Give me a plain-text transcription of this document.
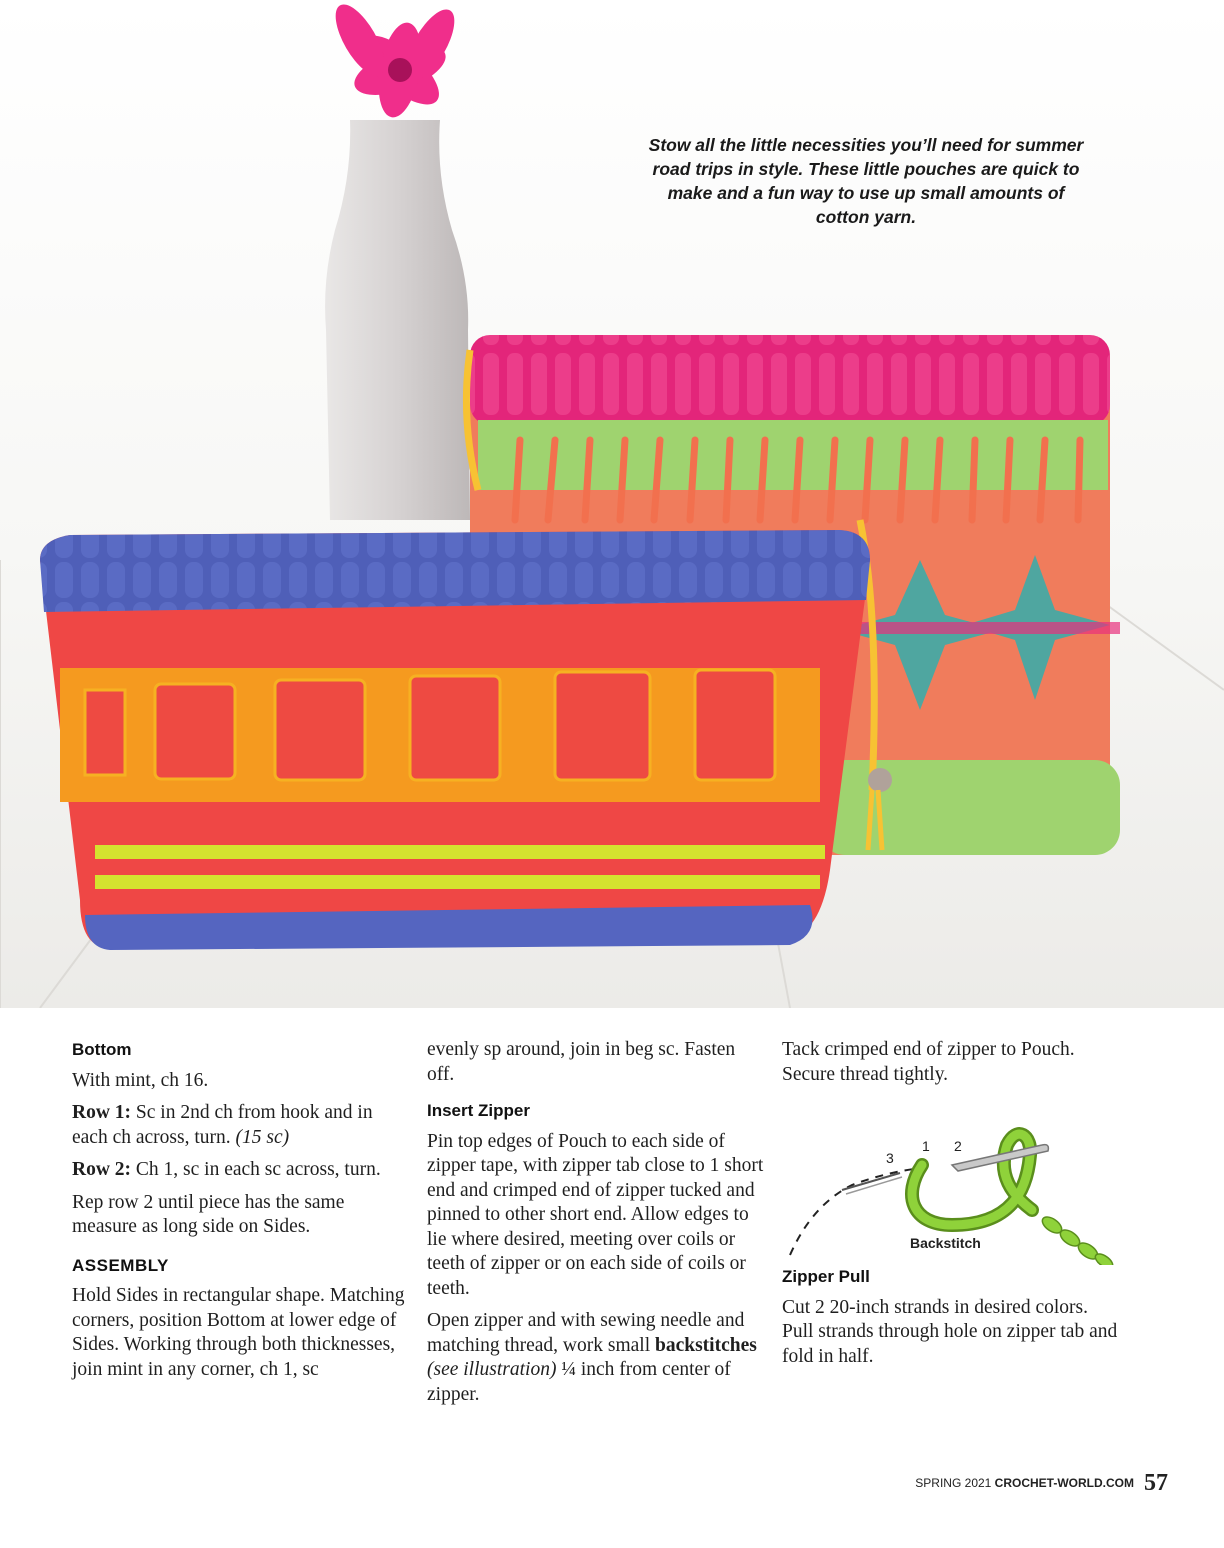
Stow all the little necessities you’ll need for summer road trips in style. These little pouches are quick to make and a fun way to use up small amounts of cotton yarn.
Bottom

With mint, ch 16.

Row 1: Sc in 2nd ch from hook and in each ch across, turn. (15 sc)

Row 2: Ch 1, sc in each sc across, turn.

Rep row 2 until piece has the same measure as long side on Sides.

ASSEMBLY

Hold Sides in rectangular shape. Matching corners, position Bottom at lower edge of Sides. Working through both thicknesses, join mint in any corner, ch 1, sc

evenly sp around, join in beg sc. Fasten off.

Insert Zipper

Pin top edges of Pouch to each side of zipper tape, with zipper tab close to 1 short end and crimped end of zipper tucked and pinned to other short end. Allow edges to lie where desired, meeting over coils or teeth of zipper or on each side of coils or teeth.

Open zipper and with sewing needle and matching thread, work small backstitches (see illustration) ¼ inch from center of zipper.

Tack crimped end of zipper to Pouch. Secure thread tightly.

3
1 2
Backstitch
Zipper Pull

Cut 2 20-inch strands in desired colors. Pull strands through hole on zipper tab and fold in half.

SPRING 2021 CROCHET-WORLD.COM 57
